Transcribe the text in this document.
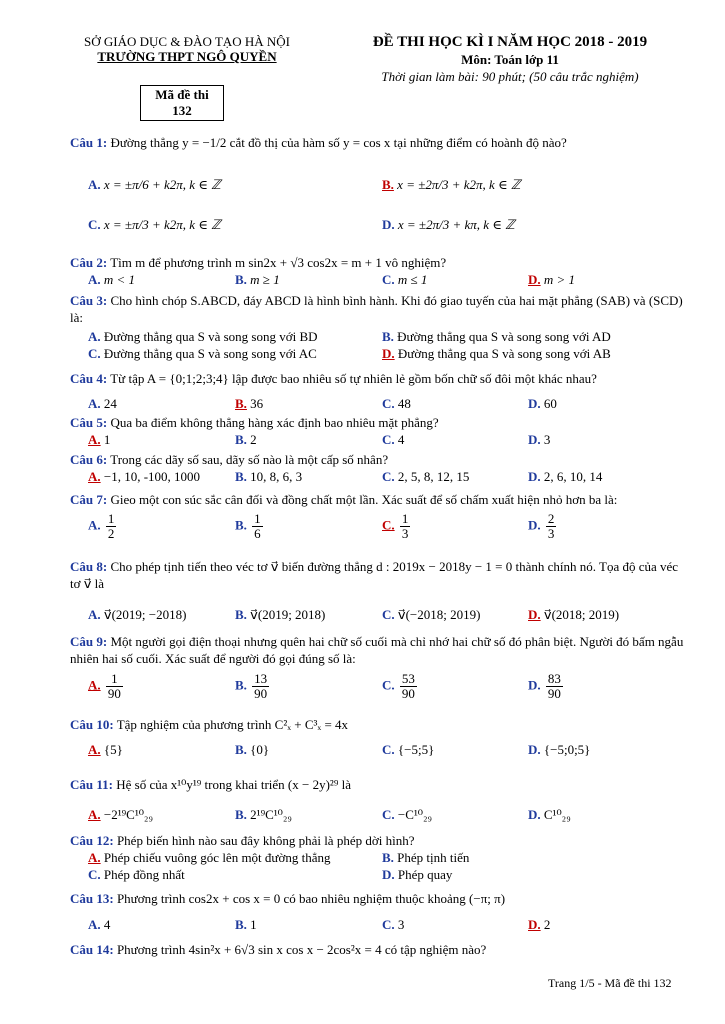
SỞ GIÁO DỤC & ĐÀO TẠO HÀ NỘI
TRƯỜNG THPT NGÔ QUYỀN
Mã đề thi
132
ĐỀ THI HỌC KÌ I NĂM HỌC 2018 - 2019
Môn: Toán lớp 11
Thời gian làm bài: 90 phút; (50 câu trắc nghiệm)
Câu 1: Đường thẳng y = −1/2 cắt đồ thị của hàm số y = cos x tại những điểm có hoành độ nào?
A. x = ±π/6 + k2π, k ∈ ℤ	B. x = ±2π/3 + k2π, k ∈ ℤ
C. x = ±π/3 + k2π, k ∈ ℤ	D. x = ±2π/3 + kπ, k ∈ ℤ
Câu 2: Tìm m để phương trình m sin2x + √3 cos2x = m + 1 vô nghiệm?
A. m < 1	B. m ≥ 1	C. m ≤ 1	D. m > 1
Câu 3: Cho hình chóp S.ABCD, đáy ABCD là hình bình hành. Khi đó giao tuyến của hai mặt phẳng (SAB) và (SCD) là:
A. Đường thẳng qua S và song song với BD	B. Đường thẳng qua S và song song với AD
C. Đường thẳng qua S và song song với AC	D. Đường thẳng qua S và song song với AB
Câu 4: Từ tập A = {0;1;2;3;4} lập được bao nhiêu số tự nhiên lẻ gồm bốn chữ số đôi một khác nhau?
A. 24	B. 36	C. 48	D. 60
Câu 5: Qua ba điểm không thẳng hàng xác định bao nhiêu mặt phẳng?
A. 1	B. 2	C. 4	D. 3
Câu 6: Trong các dãy số sau, dãy số nào là một cấp số nhân?
A. −1, 10, -100, 1000	B. 10, 8, 6, 3	C. 2, 5, 8, 12, 15	D. 2, 6, 10, 14
Câu 7: Gieo một con súc sắc cân đối và đồng chất một lần. Xác suất để số chấm xuất hiện nhỏ hơn ba là:
A. $\frac{1}{2}$	B. $\frac{1}{6}$	C. $\frac{1}{3}$	D. $\frac{2}{3}$
Câu 8: Cho phép tịnh tiến theo véc tơ v⃗ biến đường thẳng d : 2019x − 2018y − 1 = 0 thành chính nó. Tọa độ của véc tơ v⃗ là
A. v⃗(2019; −2018)	B. v⃗(2019; 2018)	C. v⃗(−2018; 2019)	D. v⃗(2018; 2019)
Câu 9: Một người gọi điện thoại nhưng quên hai chữ số cuối mà chỉ nhớ hai chữ số đó phân biệt. Người đó bấm ngẫu nhiên hai số cuối. Xác suất để người đó gọi đúng số là:
A. $\frac{1}{90}$	B. $\frac{13}{90}$	C. $\frac{53}{90}$	D. $\frac{83}{90}$
Câu 10: Tập nghiệm của phương trình C²ₓ + C³ₓ = 4x
A. {5}	B. {0}	C. {−5;5}	D. {−5;0;5}
Câu 11: Hệ số của x¹⁰y¹⁹ trong khai triển (x − 2y)²⁹ là
A. −2¹⁹C¹⁰₂₉	B. 2¹⁹C¹⁰₂₉	C. −C¹⁰₂₉	D. C¹⁰₂₉
Câu 12: Phép biến hình nào sau đây không phải là phép dời hình?
A. Phép chiếu vuông góc lên một đường thẳng	B. Phép tịnh tiến
C. Phép đồng nhất	D. Phép quay
Câu 13: Phương trình cos2x + cos x = 0 có bao nhiêu nghiệm thuộc khoảng (−π; π)
A. 4	B. 1	C. 3	D. 2
Câu 14: Phương trình 4sin²x + 6√3 sin x cos x − 2cos²x = 4 có tập nghiệm nào?
Trang 1/5 - Mã đề thi 132
